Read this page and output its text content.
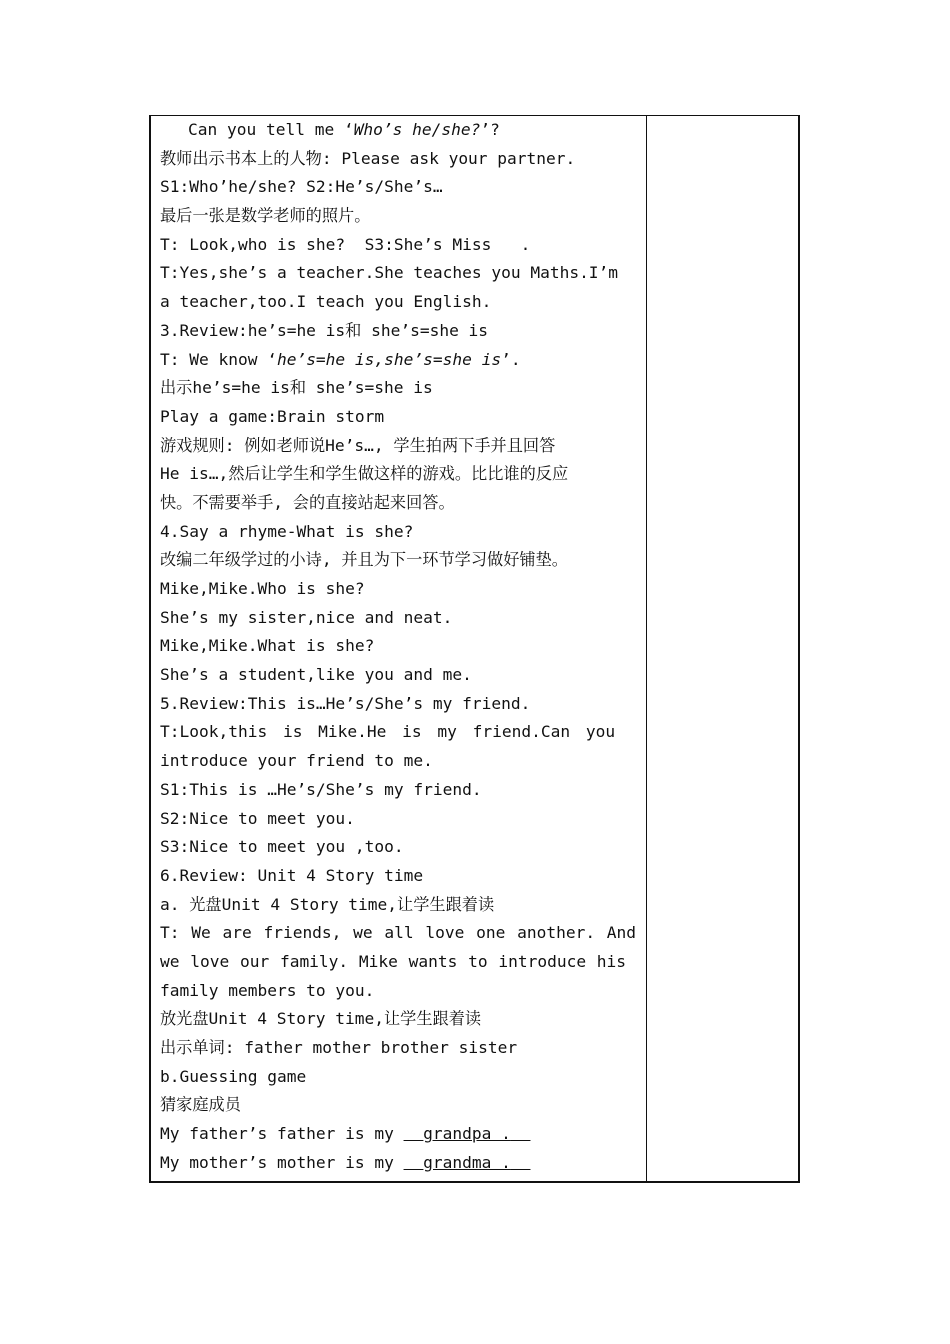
Can you tell me ‘Who’s he/she?’?
教师出示书本上的人物: Please ask your partner.
S1:Who’he/she? S2:He’s/She’s…
最后一张是数学老师的照片。
T: Look,who is she?  S3:She’s Miss   .
T:Yes,she’s a teacher.She teaches you Maths.I’m
a teacher,too.I teach you English.
3.Review:he’s=he is和 she’s=she is
T: We know ‘he’s=he is,she’s=she is’.
出示he’s=he is和 she’s=she is
Play a game:Brain storm
游戏规则: 例如老师说He’s…, 学生拍两下手并且回答
He is…,然后让学生和学生做这样的游戏。比比谁的反应
快。不需要举手, 会的直接站起来回答。
4.Say a rhyme-What is she?
改编二年级学过的小诗, 并且为下一环节学习做好铺垫。
Mike,Mike.Who is she?
She’s my sister,nice and neat.
Mike,Mike.What is she?
She’s a student,like you and me.
5.Review:This is…He’s/She’s my friend.
T:Look,this is Mike.He is my friend.Can you
introduce your friend to me.
S1:This is …He’s/She’s my friend.
S2:Nice to meet you.
S3:Nice to meet you ,too.
6.Review: Unit 4 Story time
a. 光盘Unit 4 Story time,让学生跟着读
T: We are friends, we all love one another. And
we love our family. Mike wants to introduce his
family members to you.
放光盘Unit 4 Story time,让学生跟着读
出示单词: father mother brother sister
b.Guessing game
猜家庭成员
My father’s father is my grandpa .
My mother’s mother is my grandma .
